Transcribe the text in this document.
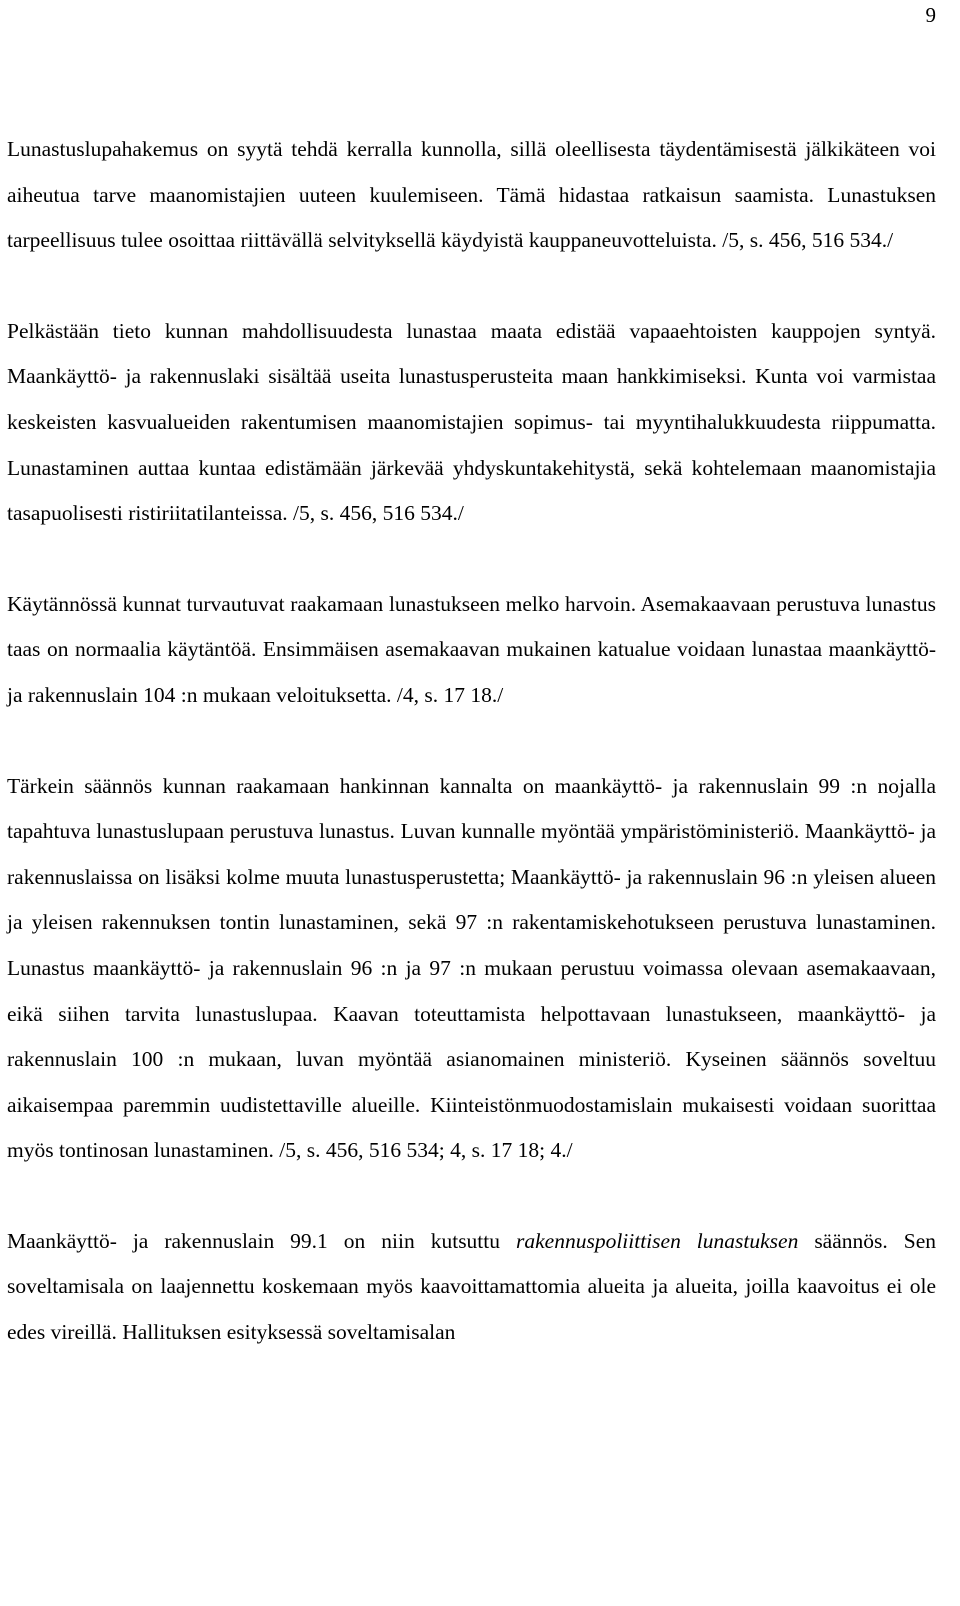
9

Lunastuslupahakemus on syytä tehdä kerralla kunnolla, sillä oleellisesta täydentämisestä jälkikäteen voi aiheutua tarve maanomistajien uuteen kuulemiseen. Tämä hidastaa ratkaisun saamista. Lunastuksen tarpeellisuus tulee osoittaa riittävällä selvityksellä käydyistä kauppaneuvotteluista. /5, s. 456, 516 534./

Pelkästään tieto kunnan mahdollisuudesta lunastaa maata edistää vapaaehtoisten kauppojen syntyä. Maankäyttö- ja rakennuslaki sisältää useita lunastusperusteita maan hankkimiseksi. Kunta voi varmistaa keskeisten kasvualueiden rakentumisen maanomistajien sopimus- tai myyntihalukkuudesta riippumatta. Lunastaminen auttaa kuntaa edistämään järkevää yhdyskuntakehitystä, sekä kohtelemaan maanomistajia tasapuolisesti ristiriitatilanteissa. /5, s. 456, 516 534./

Käytännössä kunnat turvautuvat raakamaan lunastukseen melko harvoin. Asemakaavaan perustuva lunastus taas on normaalia käytäntöä. Ensimmäisen asemakaavan mukainen katualue voidaan lunastaa maankäyttö- ja rakennuslain 104 :n mukaan veloituksetta. /4, s. 17 18./

Tärkein säännös kunnan raakamaan hankinnan kannalta on maankäyttö- ja rakennuslain 99 :n nojalla tapahtuva lunastuslupaan perustuva lunastus. Luvan kunnalle myöntää ympäristöministeriö. Maankäyttö- ja rakennuslaissa on lisäksi kolme muuta lunastusperustetta; Maankäyttö- ja rakennuslain 96 :n yleisen alueen ja yleisen rakennuksen tontin lunastaminen, sekä 97 :n rakentamiskehotukseen perustuva lunastaminen. Lunastus maankäyttö- ja rakennuslain 96 :n ja 97 :n mukaan perustuu voimassa olevaan asemakaavaan, eikä siihen tarvita lunastuslupaa. Kaavan toteuttamista helpottavaan lunastukseen, maankäyttö- ja rakennuslain 100 :n mukaan, luvan myöntää asianomainen ministeriö. Kyseinen säännös soveltuu aikaisempaa paremmin uudistettaville alueille. Kiinteistönmuodostamislain mukaisesti voidaan suorittaa myös tontinosan lunastaminen. /5, s. 456, 516 534; 4, s. 17 18; 4./

Maankäyttö- ja rakennuslain 99.1 on niin kutsuttu rakennuspoliittisen lunastuksen säännös. Sen soveltamisala on laajennettu koskemaan myös kaavoittamattomia alueita ja alueita, joilla kaavoitus ei ole edes vireillä. Hallituksen esityksessä soveltamisalan
